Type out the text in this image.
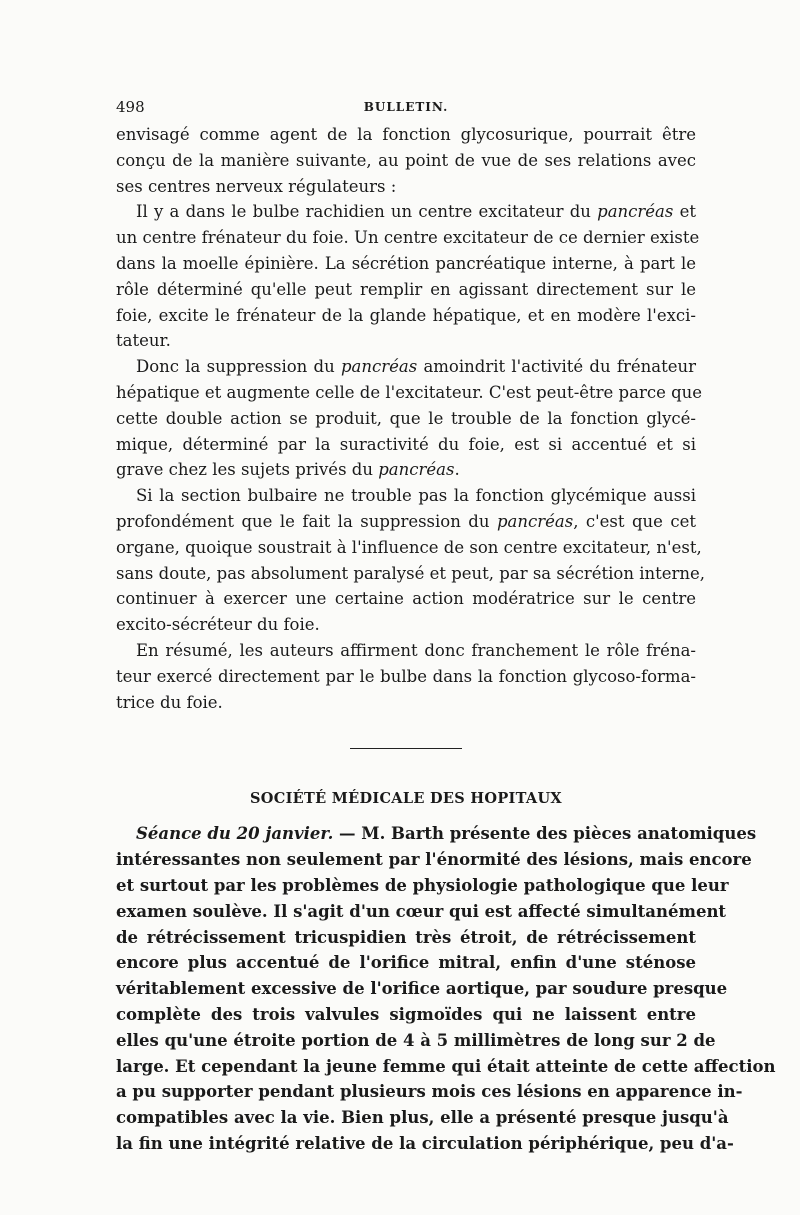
498	BULLETIN.

envisagé comme agent de la fonction glycosurique, pourrait être
conçu de la manière suivante, au point de vue de ses relations avec
ses centres nerveux régulateurs :

Il y a dans le bulbe rachidien un centre excitateur du pancréas et
un centre frénateur du foie. Un centre excitateur de ce dernier existe
dans la moelle épinière. La sécrétion pancréatique interne, à part le
rôle déterminé qu'elle peut remplir en agissant directement sur le
foie, excite le frénateur de la glande hépatique, et en modère l'exci-
tateur.

Donc la suppression du pancréas amoindrit l'activité du frénateur
hépatique et augmente celle de l'excitateur. C'est peut-être parce que
cette double action se produit, que le trouble de la fonction glycé-
mique, déterminé par la suractivité du foie, est si accentué et si
grave chez les sujets privés du pancréas.

Si la section bulbaire ne trouble pas la fonction glycémique aussi
profondément que le fait la suppression du pancréas, c'est que cet
organe, quoique soustrait à l'influence de son centre excitateur, n'est,
sans doute, pas absolument paralysé et peut, par sa sécrétion interne,
continuer à exercer une certaine action modératrice sur le centre
excito-sécréteur du foie.

En résumé, les auteurs affirment donc franchement le rôle fréna-
teur exercé directement par le bulbe dans la fonction glycoso-forma-
trice du foie.

SOCIÉTÉ MÉDICALE DES HOPITAUX

Séance du 20 janvier. — M. Barth présente des pièces anatomiques
intéressantes non seulement par l'énormité des lésions, mais encore
et surtout par les problèmes de physiologie pathologique que leur
examen soulève. Il s'agit d'un cœur qui est affecté simultanément
de rétrécissement tricuspidien très étroit, de rétrécissement
encore plus accentué de l'orifice mitral, enfin d'une sténose
véritablement excessive de l'orifice aortique, par soudure presque
complète des trois valvules sigmoïdes qui ne laissent entre
elles qu'une étroite portion de 4 à 5 millimètres de long sur 2 de
large. Et cependant la jeune femme qui était atteinte de cette affection
a pu supporter pendant plusieurs mois ces lésions en apparence in-
compatibles avec la vie. Bien plus, elle a présenté presque jusqu'à
la fin une intégrité relative de la circulation périphérique, peu d'a-
